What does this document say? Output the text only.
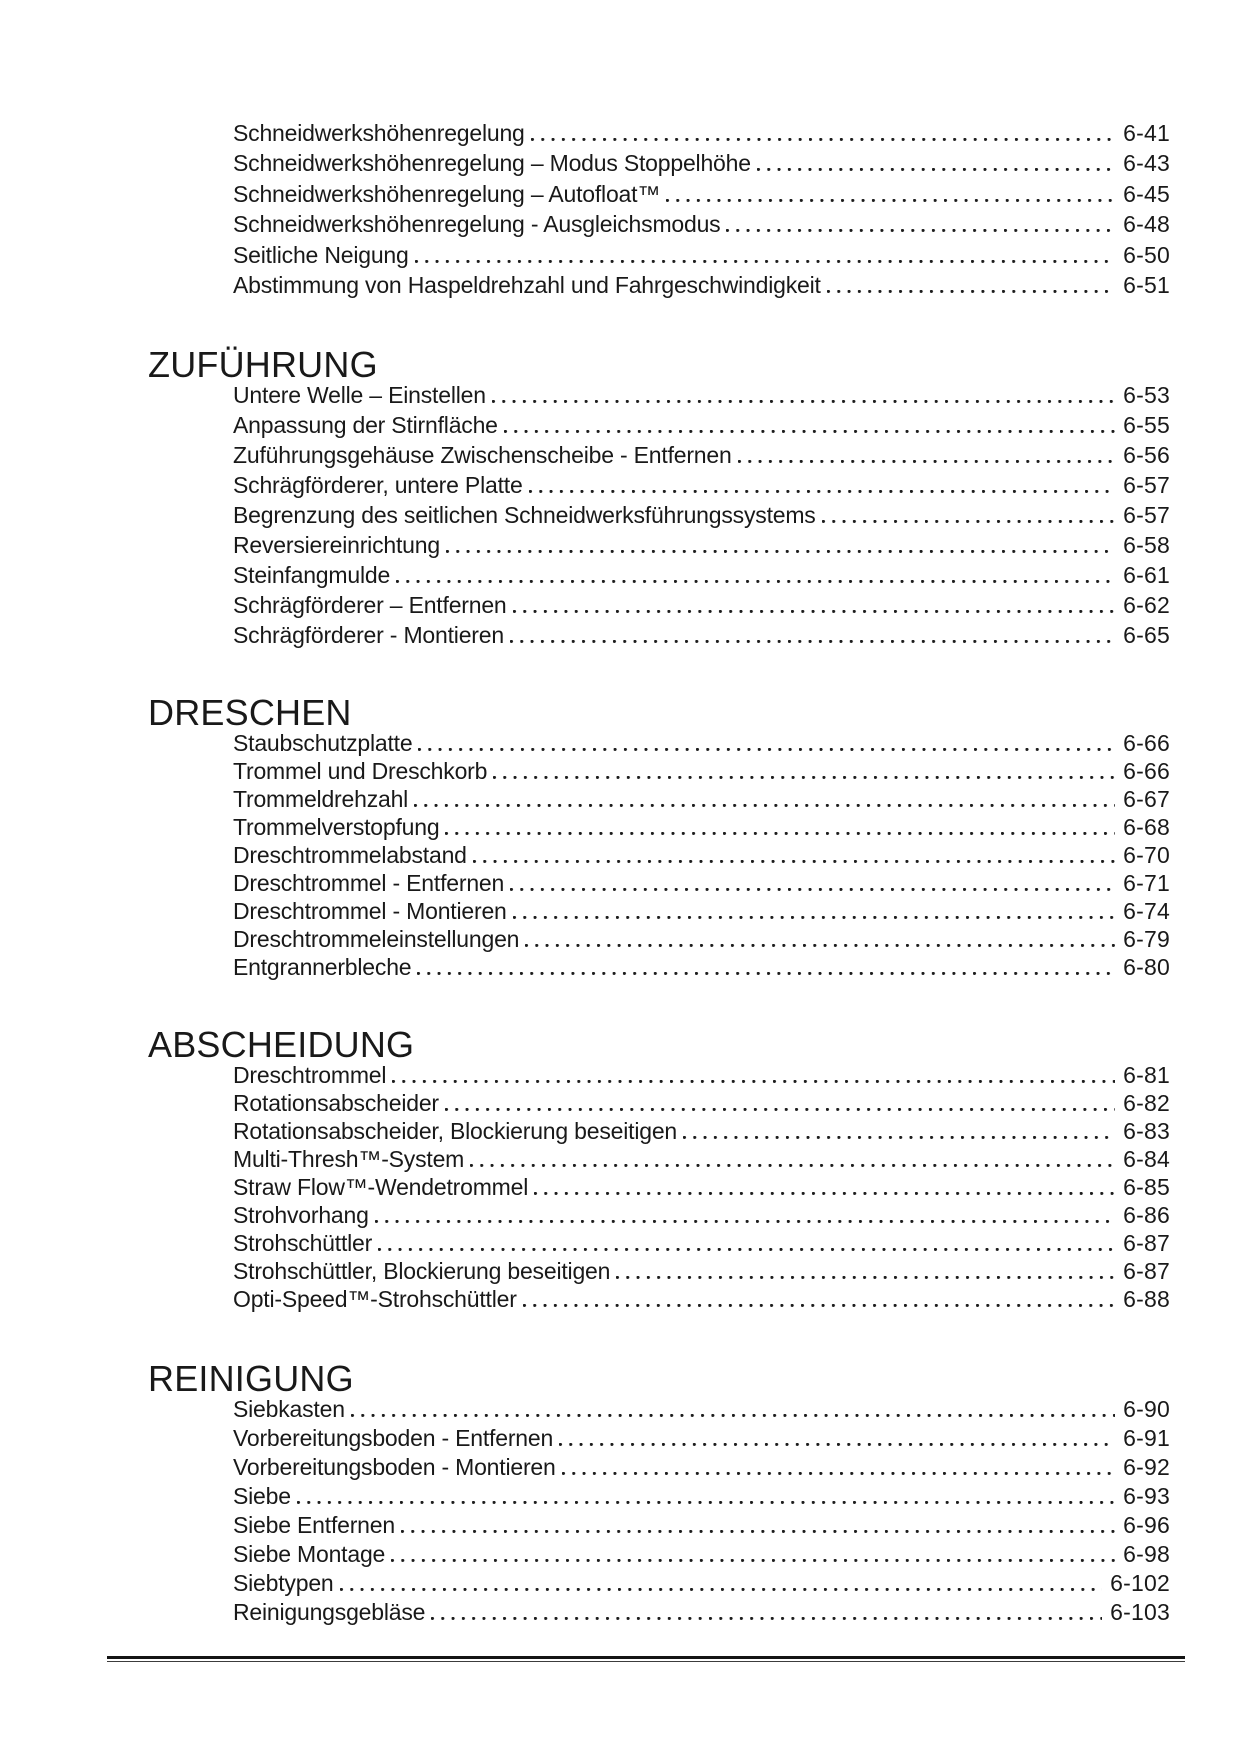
Schneidwerkshöhenregelung	6-41
Schneidwerkshöhenregelung – Modus Stoppelhöhe	6-43
Schneidwerkshöhenregelung – Autofloat™	6-45
Schneidwerkshöhenregelung - Ausgleichsmodus	6-48
Seitliche Neigung	6-50
Abstimmung von Haspeldrehzahl und Fahrgeschwindigkeit	6-51
ZUFÜHRUNG
Untere Welle – Einstellen	6-53
Anpassung der Stirnfläche	6-55
Zuführungsgehäuse Zwischenscheibe - Entfernen	6-56
Schrägförderer, untere Platte	6-57
Begrenzung des seitlichen Schneidwerksführungssystems	6-57
Reversiereinrichtung	6-58
Steinfangmulde	6-61
Schrägförderer – Entfernen	6-62
Schrägförderer - Montieren	6-65
DRESCHEN
Staubschutzplatte	6-66
Trommel und Dreschkorb	6-66
Trommeldrehzahl	6-67
Trommelverstopfung	6-68
Dreschtrommelabstand	6-70
Dreschtrommel - Entfernen	6-71
Dreschtrommel - Montieren	6-74
Dreschtrommeleinstellungen	6-79
Entgrannerbleche	6-80
ABSCHEIDUNG
Dreschtrommel	6-81
Rotationsabscheider	6-82
Rotationsabscheider, Blockierung beseitigen	6-83
Multi-Thresh™-System	6-84
Straw Flow™-Wendetrommel	6-85
Strohvorhang	6-86
Strohschüttler	6-87
Strohschüttler, Blockierung beseitigen	6-87
Opti-Speed™-Strohschüttler	6-88
REINIGUNG
Siebkasten	6-90
Vorbereitungsboden - Entfernen	6-91
Vorbereitungsboden - Montieren	6-92
Siebe	6-93
Siebe Entfernen	6-96
Siebe Montage	6-98
Siebtypen	6-102
Reinigungsgebläse	6-103
